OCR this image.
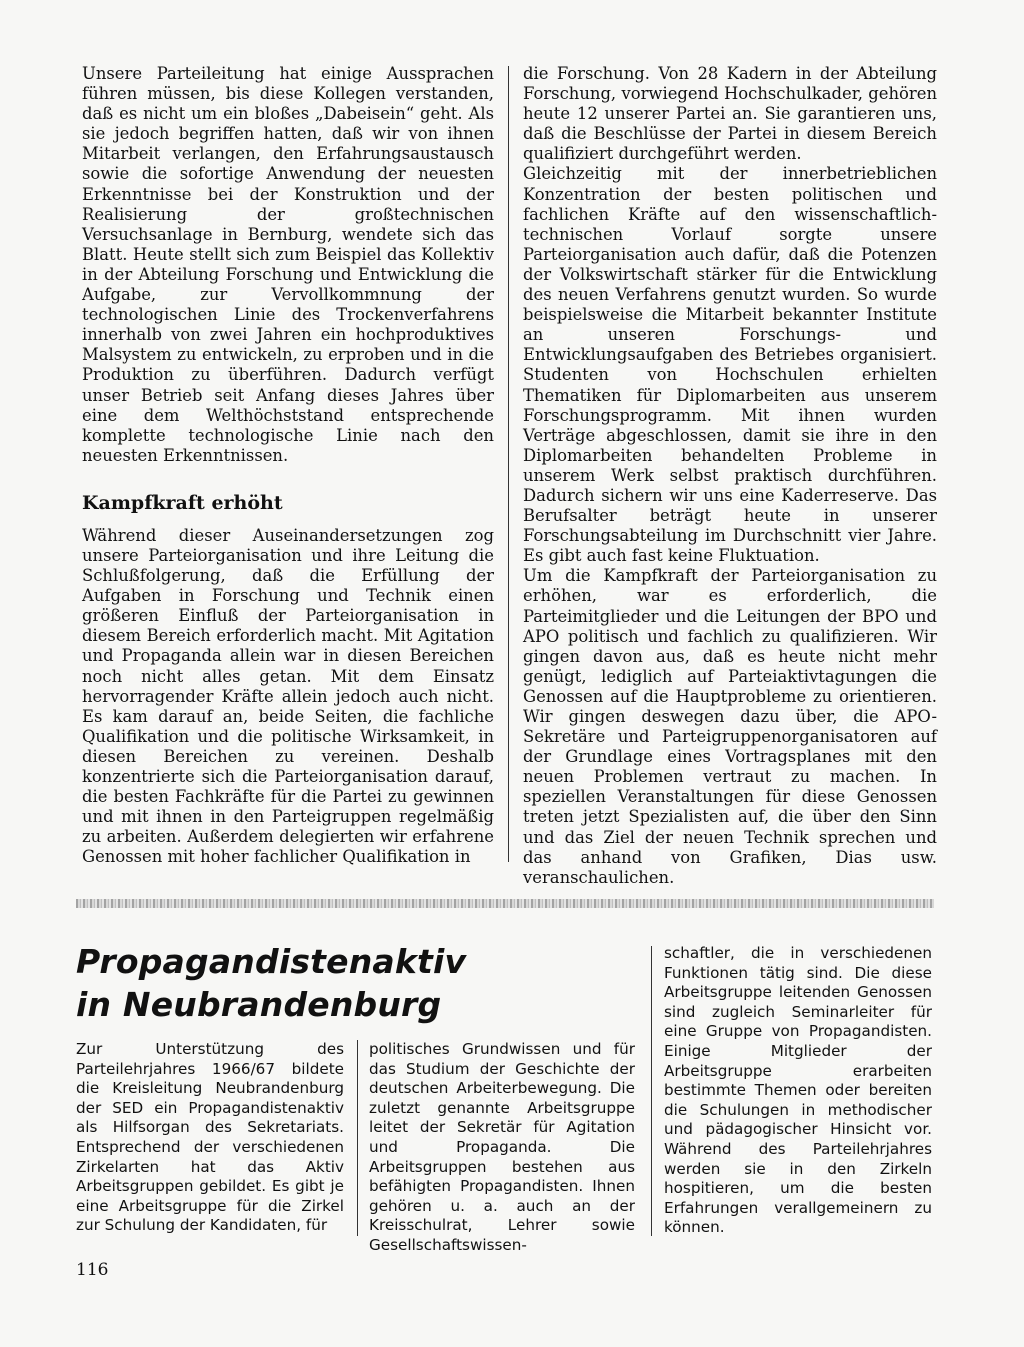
Unsere Parteileitung hat einige Aussprachen führen müssen, bis diese Kollegen verstanden, daß es nicht um ein bloßes „Dabeisein“ geht. Als sie jedoch begriffen hatten, daß wir von ihnen Mitarbeit verlangen, den Erfahrungsaustausch sowie die sofortige Anwendung der neuesten Erkenntnisse bei der Konstruktion und der Realisierung der großtechnischen Versuchsanlage in Bernburg, wendete sich das Blatt. Heute stellt sich zum Beispiel das Kollektiv in der Abteilung Forschung und Entwicklung die Aufgabe, zur Vervollkommnung der technologischen Linie des Trockenverfahrens innerhalb von zwei Jahren ein hochproduktives Malsystem zu entwickeln, zu erproben und in die Produktion zu überführen. Dadurch verfügt unser Betrieb seit Anfang dieses Jahres über eine dem Welthöchststand entsprechende komplette technologische Linie nach den neuesten Erkenntnissen.

Kampfkraft erhöht

Während dieser Auseinandersetzungen zog unsere Parteiorganisation und ihre Leitung die Schlußfolgerung, daß die Erfüllung der Aufgaben in Forschung und Technik einen größeren Einfluß der Parteiorganisation in diesem Bereich erforderlich macht. Mit Agitation und Propaganda allein war in diesen Bereichen noch nicht alles getan. Mit dem Einsatz hervorragender Kräfte allein jedoch auch nicht. Es kam darauf an, beide Seiten, die fachliche Qualifikation und die politische Wirksamkeit, in diesen Bereichen zu vereinen. Deshalb konzentrierte sich die Parteiorganisation darauf, die besten Fachkräfte für die Partei zu gewinnen und mit ihnen in den Parteigruppen regelmäßig zu arbeiten. Außerdem delegierten wir erfahrene Genossen mit hoher fachlicher Qualifikation in

die Forschung. Von 28 Kadern in der Abteilung Forschung, vorwiegend Hochschulkader, gehören heute 12 unserer Partei an. Sie garantieren uns, daß die Beschlüsse der Partei in diesem Bereich qualifiziert durchgeführt werden.

Gleichzeitig mit der innerbetrieblichen Konzentration der besten politischen und fachlichen Kräfte auf den wissenschaftlich-technischen Vorlauf sorgte unsere Parteiorganisation auch dafür, daß die Potenzen der Volkswirtschaft stärker für die Entwicklung des neuen Verfahrens genutzt wurden. So wurde beispielsweise die Mitarbeit bekannter Institute an unseren Forschungs- und Entwicklungsaufgaben des Betriebes organisiert. Studenten von Hochschulen erhielten Thematiken für Diplomarbeiten aus unserem Forschungsprogramm. Mit ihnen wurden Verträge abgeschlossen, damit sie ihre in den Diplomarbeiten behandelten Probleme in unserem Werk selbst praktisch durchführen. Dadurch sichern wir uns eine Kaderreserve. Das Berufsalter beträgt heute in unserer Forschungsabteilung im Durchschnitt vier Jahre. Es gibt auch fast keine Fluktuation.

Um die Kampfkraft der Parteiorganisation zu erhöhen, war es erforderlich, die Parteimitglieder und die Leitungen der BPO und APO politisch und fachlich zu qualifizieren. Wir gingen davon aus, daß es heute nicht mehr genügt, lediglich auf Parteiaktivtagungen die Genossen auf die Hauptprobleme zu orientieren. Wir gingen deswegen dazu über, die APO-Sekretäre und Parteigruppenorganisatoren auf der Grundlage eines Vortragsplanes mit den neuen Problemen vertraut zu machen. In speziellen Veranstaltungen für diese Genossen treten jetzt Spezialisten auf, die über den Sinn und das Ziel der neuen Technik sprechen und das anhand von Grafiken, Dias usw. veranschaulichen.

Propagandistenaktiv
in Neubrandenburg

Zur Unterstützung des Parteilehrjahres 1966/67 bildete die Kreisleitung Neubrandenburg der SED ein Propagandistenaktiv als Hilfsorgan des Sekretariats. Entsprechend der verschiedenen Zirkelarten hat das Aktiv Arbeitsgruppen gebildet. Es gibt je eine Arbeitsgruppe für die Zirkel zur Schulung der Kandidaten, für

politisches Grundwissen und für das Studium der Geschichte der deutschen Arbeiterbewegung. Die zuletzt genannte Arbeitsgruppe leitet der Sekretär für Agitation und Propaganda. Die Arbeitsgruppen bestehen aus befähigten Propagandisten. Ihnen gehören u. a. auch an der Kreisschulrat, Lehrer sowie Gesellschaftswissen-

schaftler, die in verschiedenen Funktionen tätig sind. Die diese Arbeitsgruppe leitenden Genossen sind zugleich Seminarleiter für eine Gruppe von Propagandisten. Einige Mitglieder der Arbeitsgruppe erarbeiten bestimmte Themen oder bereiten die Schulungen in methodischer und pädagogischer Hinsicht vor. Während des Parteilehrjahres werden sie in den Zirkeln hospitieren, um die besten Erfahrungen verallgemeinern zu können.

116
